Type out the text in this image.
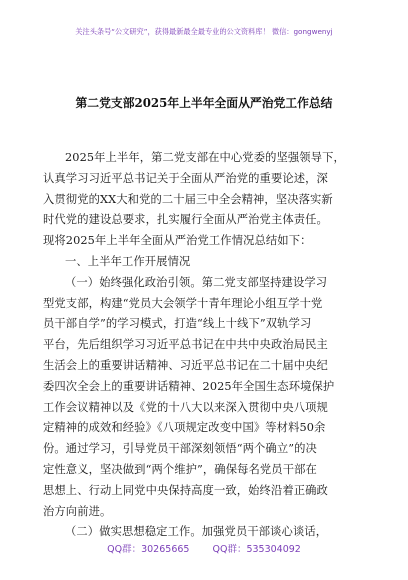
关注头条号“公文研究”，获得最新最全最专业的公文资料库！ 微信：gongwenyj
第二党支部2025年上半年全面从严治党工作总结
2025年上半年，第二党支部在中心党委的坚强领导下，
认真学习习近平总书记关于全面从严治党的重要论述，深
入贯彻党的XX大和党的二十届三中全会精神，坚决落实新
时代党的建设总要求，扎实履行全面从严治党主体责任。
现将2025年上半年全面从严治党工作情况总结如下：
一、上半年工作开展情况
（一）始终强化政治引领。第二党支部坚持建设学习
型党支部，构建“党员大会领学十青年理论小组互学十党
员干部自学”的学习模式，打造“线上十线下”双轨学习
平台，先后组织学习习近平总书记在中共中央政治局民主
生活会上的重要讲话精神、习近平总书记在二十届中央纪
委四次全会上的重要讲话精神、2025年全国生态环境保护
工作会议精神以及《党的十八大以来深入贯彻中央八项规
定精神的成效和经验》《八项规定改变中国》等材料50余
份。通过学习，引导党员干部深刻领悟“两个确立”的决
定性意义，坚决做到“两个维护”，确保每名党员干部在
思想上、行动上同党中央保持高度一致，始终沿着正确政
治方向前进。
（二）做实思想稳定工作。加强党员干部谈心谈话，
QQ群：30265665 QQ群：535304092
